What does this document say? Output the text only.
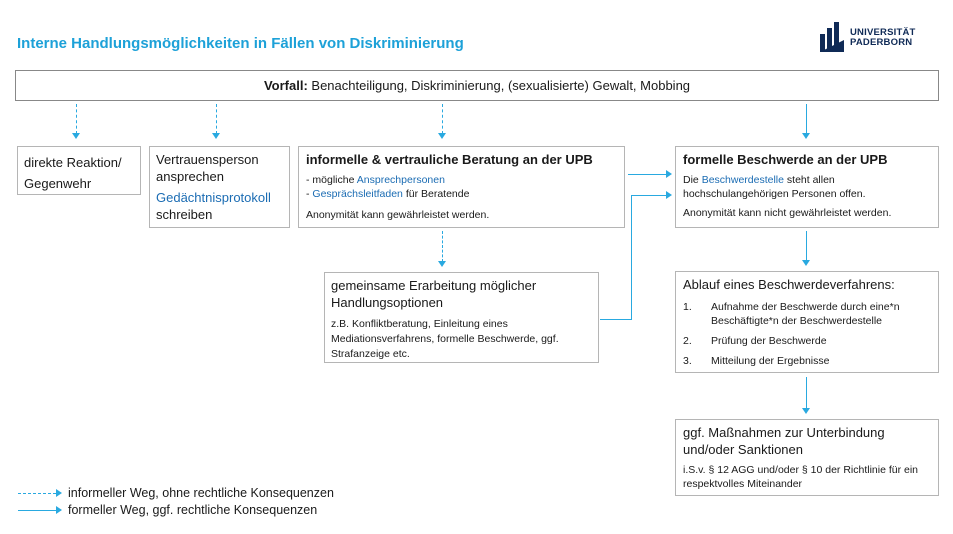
Interne Handlungsmöglichkeiten in Fällen von Diskriminierung
UNIVERSITÄT
PADERBORN
Vorfall: Benachteiligung, Diskriminierung, (sexualisierte) Gewalt, Mobbing
direkte Reaktion/ Gegenwehr
Vertrauensperson ansprechen
Gedächtnisprotokoll
schreiben
informelle & vertrauliche Beratung an der UPB
- mögliche Ansprechpersonen
- Gesprächsleitfaden für Beratende
Anonymität kann gewährleistet werden.
gemeinsame Erarbeitung möglicher Handlungsoptionen
z.B. Konfliktberatung, Einleitung eines Mediationsverfahrens, formelle Beschwerde, ggf. Strafanzeige etc.
formelle Beschwerde an der UPB
Die Beschwerdestelle steht allen hochschulangehörigen Personen offen.
Anonymität kann nicht gewährleistet werden.
Ablauf eines Beschwerdeverfahrens:
1. Aufnahme der Beschwerde durch eine*n Beschäftigte*n der Beschwerdestelle
2. Prüfung der Beschwerde
3. Mitteilung der Ergebnisse
ggf. Maßnahmen zur Unterbindung und/oder Sanktionen
i.S.v. § 12 AGG und/oder § 10 der Richtlinie für ein respektvolles Miteinander
informeller Weg, ohne rechtliche Konsequenzen
formeller Weg, ggf. rechtliche Konsequenzen
